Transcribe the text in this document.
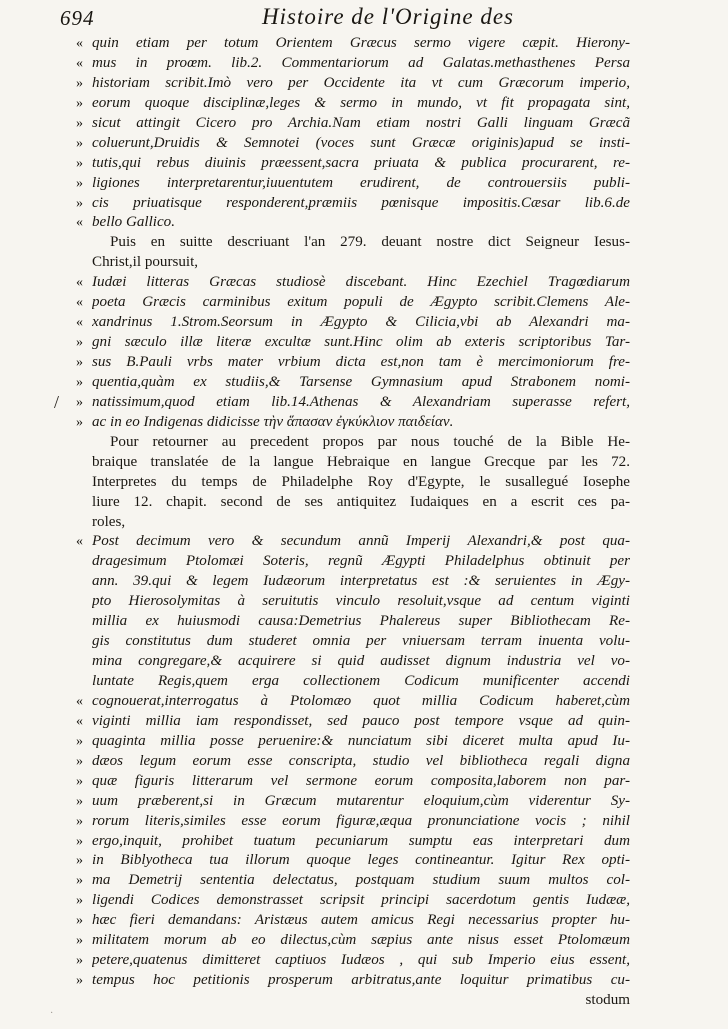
694	Histoire de l'Origine des
/
« quin etiam per totum Orientem Græcus sermo vigere cæpit. Hierony-
« mus in proœm. lib.2. Commentariorum ad Galatas.methasthenes Persa
» historiam scribit.Imò vero per Occidente ita vt cum Græcorum imperio,
» eorum quoque disciplinæ,leges & sermo in mundo, vt fit propagata sint,
» sicut attingit Cicero pro Archia.Nam etiam nostri Galli linguam Græcã
» coluerunt,Druidis & Semnotei (voces sunt Græcæ originis)apud se insti-
» tutis,qui rebus diuinis præessent,sacra priuata & publica procurarent, re-
» ligiones interpretarentur,iuuentutem erudirent, de controuersiis publi-
» cis priuatisque responderent,præmiis pœnisque impositis.Cæsar lib.6.de
« bello Gallico.
Puis en suitte descriuant l'an 279. deuant nostre dict Seigneur Iesus-
Christ,il poursuit,
« Iudæi litteras Græcas studiosè discebant. Hinc Ezechiel Tragœdiarum
« poeta Græcis carminibus exitum populi de Ægypto scribit.Clemens Ale-
« xandrinus 1.Strom.Seorsum in Ægypto & Cilicia,vbi ab Alexandri ma-
» gni sæculo illæ literæ excultæ sunt.Hinc olim ab exteris scriptoribus Tar-
» sus B.Pauli vrbs mater vrbium dicta est,non tam è mercimoniorum fre-
» quentia,quàm ex studiis,& Tarsense Gymnasium apud Strabonem nomi-
» natissimum,quod etiam lib.14.Athenas & Alexandriam superasse refert,
» ac in eo Indigenas didicisse τὴν ἅπασαν ἐγκύκλιον παιδείαν.
Pour retourner au precedent propos par nous touché de la Bible He-
braique translatée de la langue Hebraique en langue Grecque par les 72.
Interpretes du temps de Philadelphe Roy d'Egypte, le susallegué Iosephe
liure 12. chapit. second de ses antiquitez Iudaiques en a escrit ces pa-
roles,
« Post decimum vero & secundum annũ Imperij Alexandri,& post qua-
dragesimum Ptolomæi Soteris, regnũ Ægypti Philadelphus obtinuit per
ann. 39.qui & legem Iudæorum interpretatus est :& seruientes in Ægy-
pto Hierosolymitas à seruitutis vinculo resoluit,vsque ad centum viginti
millia ex huiusmodi causa:Demetrius Phalereus super Bibliothecam Re-
gis constitutus dum studeret omnia per vniuersam terram inuenta volu-
mina congregare,& acquirere si quid audisset dignum industria vel vo-
luntate Regis,quem erga collectionem Codicum munificenter accendi
« cognouerat,interrogatus à Ptolomæo quot millia Codicum haberet,cùm
« viginti millia iam respondisset, sed pauco post tempore vsque ad quin-
» quaginta millia posse peruenire:& nunciatum sibi diceret multa apud Iu-
» dæos legum eorum esse conscripta, studio vel bibliotheca regali digna
» quæ figuris litterarum vel sermone eorum composita,laborem non par-
» uum præberent,si in Græcum mutarentur eloquium,cùm viderentur Sy-
» rorum literis,similes esse eorum figuræ,æqua pronunciatione vocis ; nihil
» ergo,inquit, prohibet tuatum pecuniarum sumptu eas interpretari dum
» in Biblyotheca tua illorum quoque leges contineantur. Igitur Rex opti-
» ma Demetrij sententia delectatus, postquam studium suum multos col-
» ligendi Codices demonstrasset scripsit principi sacerdotum gentis Iudææ,
» hæc fieri demandans: Aristæus autem amicus Regi necessarius propter hu-
» militatem morum ab eo dilectus,cùm sæpius ante nisus esset Ptolomæum
» petere,quatenus dimitteret captiuos Iudæos , qui sub Imperio eius essent,
» tempus hoc petitionis prosperum arbitratus,ante loquitur primatibus cu-
stodum
·
